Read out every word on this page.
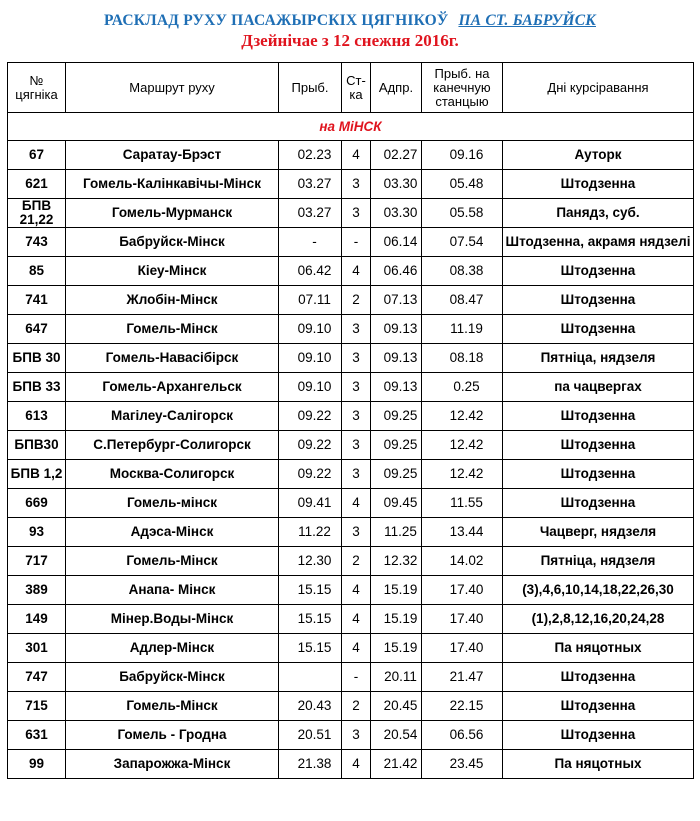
РАСКЛАД РУХУ ПАСАЖЫРСКІХ ЦЯГНІКОЎ ПА СТ. БАБРУЙСК
Дзейнічае з 12 снежня 2016г.
№ цягніка	Маршрут руху	Прыб.	Ст-ка	Адпр.	Прыб. на канечную станцыю	Дні курсіравання
на МіНСК						
67	Саратау-Брэст	02.23	4	02.27	09.16	Ауторк
621	Гомель-Калінкавічы-Мінск	03.27	3	03.30	05.48	Штодзенна
БПВ 21,22	Гомель-Мурманск	03.27	3	03.30	05.58	Панядз, суб.
743	Бабруйск-Мінск	-	-	06.14	07.54	Штодзенна, акрамя нядзелі
85	Кіеу-Мінск	06.42	4	06.46	08.38	Штодзенна
741	Жлобін-Мінск	07.11	2	07.13	08.47	Штодзенна
647	Гомель-Мінск	09.10	3	09.13	11.19	Штодзенна
БПВ 30	Гомель-Навасібірск	09.10	3	09.13	08.18	Пятніца, нядзеля
БПВ 33	Гомель-Архангельск	09.10	3	09.13	0.25	па чацвергах
613	Магілеу-Салігорск	09.22	3	09.25	12.42	Штодзенна
БПВ30	С.Петербург-Солигорск	09.22	3	09.25	12.42	Штодзенна
БПВ 1,2	Москва-Солигорск	09.22	3	09.25	12.42	Штодзенна
669	Гомель-мінск	09.41	4	09.45	11.55	Штодзенна
93	Адэса-Мінск	11.22	3	11.25	13.44	Чацверг, нядзеля
717	Гомель-Мінск	12.30	2	12.32	14.02	Пятніца, нядзеля
389	Анапа- Мінск	15.15	4	15.19	17.40	(3),4,6,10,14,18,22,26,30
149	Мінер.Воды-Мінск	15.15	4	15.19	17.40	(1),2,8,12,16,20,24,28
301	Адлер-Мінск	15.15	4	15.19	17.40	Па няцотных
747	Бабруйск-Мінск		-	20.11	21.47	Штодзенна
715	Гомель-Мінск	20.43	2	20.45	22.15	Штодзенна
631	Гомель - Гродна	20.51	3	20.54	06.56	Штодзенна
99	Запарожжа-Мінск	21.38	4	21.42	23.45	Па няцотных
